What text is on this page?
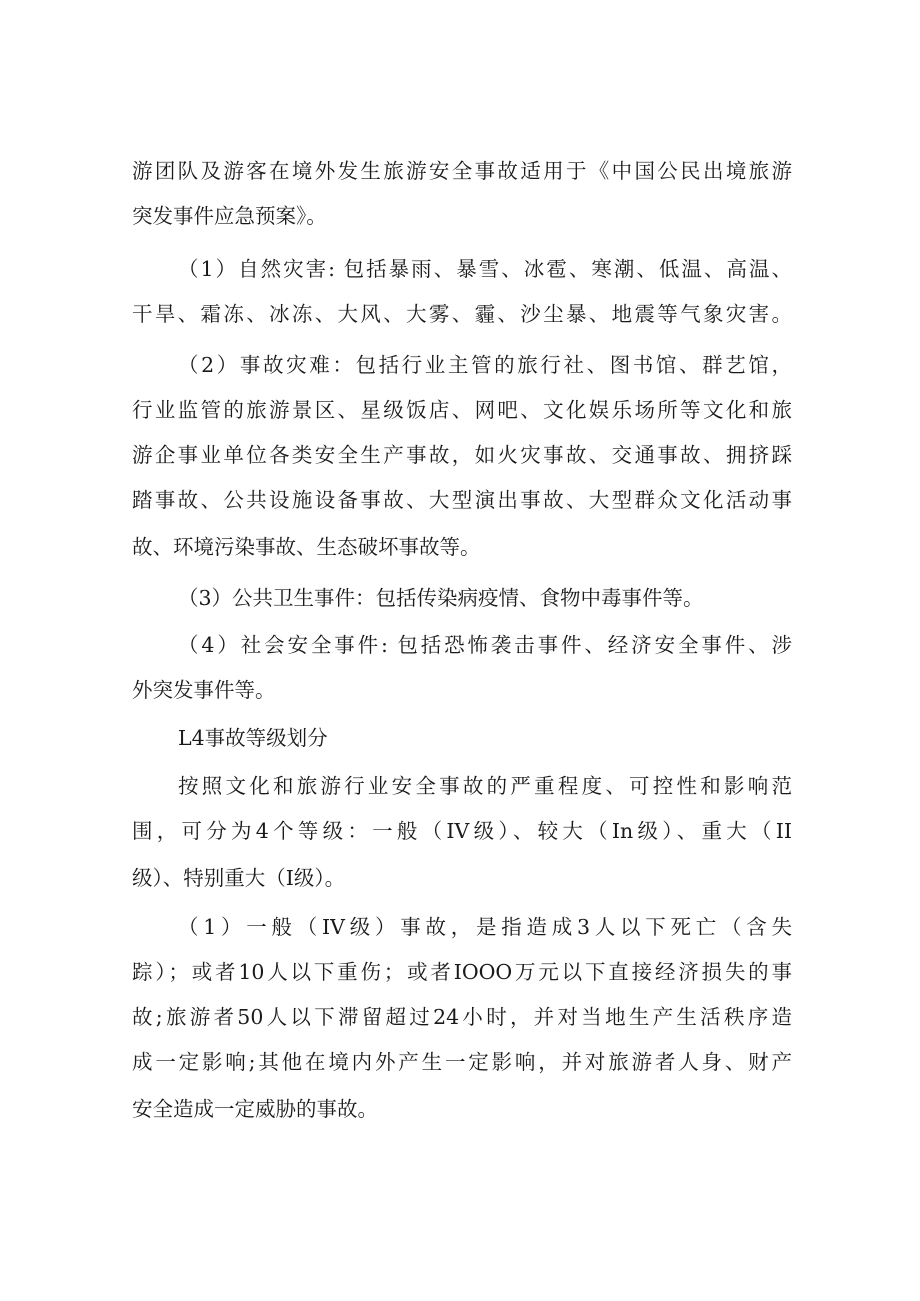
游团队及游客在境外发生旅游安全事故适用于《中国公民出境旅游
突发事件应急预案》。
（1）自然灾害: 包括暴雨、暴雪、冰雹、寒潮、低温、高温、
干旱、霜冻、冰冻、大风、大雾、霾、沙尘暴、地震等气象灾害。
（2）事故灾难：包括行业主管的旅行社、图书馆、群艺馆，
行业监管的旅游景区、星级饭店、网吧、文化娱乐场所等文化和旅
游企事业单位各类安全生产事故，如火灾事故、交通事故、拥挤踩
踏事故、公共设施设备事故、大型演出事故、大型群众文化活动事
故、环境污染事故、生态破坏事故等。
（3）公共卫生事件：包括传染病疫情、食物中毒事件等。
（4）社会安全事件: 包括恐怖袭击事件、经济安全事件、涉
外突发事件等。
L4事故等级划分
按照文化和旅游行业安全事故的严重程度、可控性和影响范
围，可分为4个等级：一般（IV级）、较大（In级）、重大（II
级）、特别重大（I级）。
（1）一般（IV级）事故，是指造成3人以下死亡（含失
踪）；或者10人以下重伤；或者IOOO万元以下直接经济损失的事
故;旅游者50人以下滞留超过24小时，并对当地生产生活秩序造
成一定影响;其他在境内外产生一定影响，并对旅游者人身、财产
安全造成一定威胁的事故。
